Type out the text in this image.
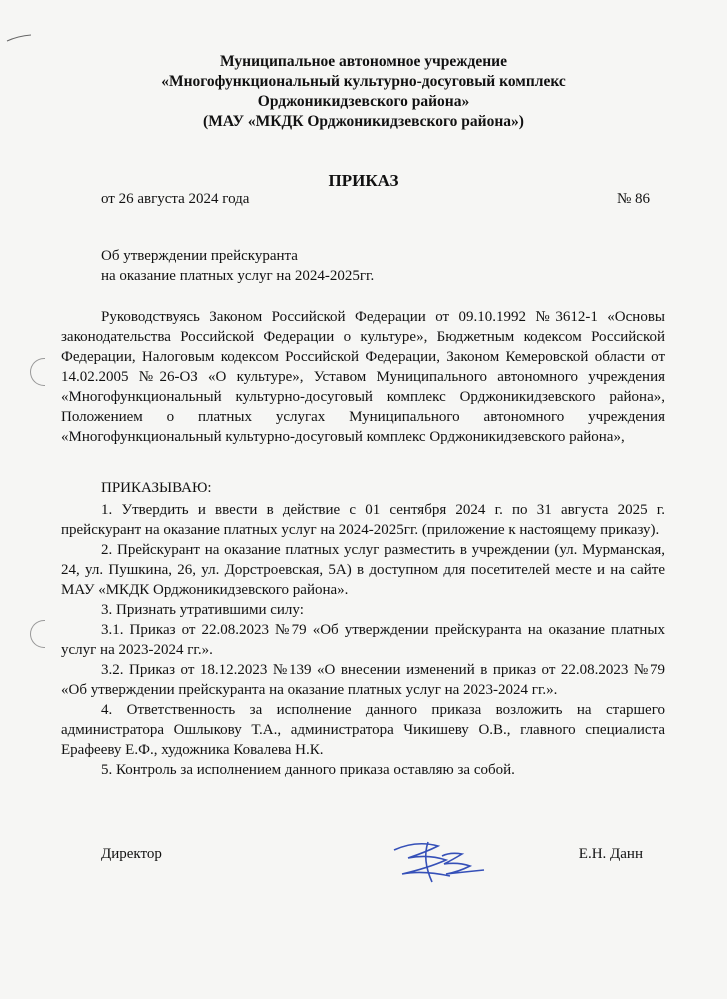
Муниципальное автономное учреждение
«Многофункциональный культурно-досуговый комплекс
Орджоникидзевского района»
(МАУ «МКДК Орджоникидзевского района»)
ПРИКАЗ
от 26 августа 2024 года	№ 86
Об утверждении прейскуранта
на оказание платных услуг на 2024-2025гг.

Руководствуясь Законом Российской Федерации от 09.10.1992 №3612-1 «Основы законодательства Российской Федерации о культуре», Бюджетным кодексом Российской Федерации, Налоговым кодексом Российской Федерации, Законом Кемеровской области от 14.02.2005 №26-ОЗ «О культуре», Уставом Муниципального автономного учреждения «Многофункциональный культурно-досуговый комплекс Орджоникидзевского района», Положением о платных услугах Муниципального автономного учреждения «Многофункциональный культурно-досуговый комплекс Орджоникидзевского района»,

ПРИКАЗЫВАЮ:

1. Утвердить и ввести в действие с 01 сентября 2024 г. по 31 августа 2025 г. прейскурант на оказание платных услуг на 2024-2025гг. (приложение к настоящему приказу).

2. Прейскурант на оказание платных услуг разместить в учреждении (ул. Мурманская, 24, ул. Пушкина, 26, ул. Дорстроевская, 5А) в доступном для посетителей месте и на сайте МАУ «МКДК Орджоникидзевского района».

3. Признать утратившими силу:

3.1. Приказ от 22.08.2023 №79 «Об утверждении прейскуранта на оказание платных услуг на 2023-2024 гг.».

3.2. Приказ от 18.12.2023 №139 «О внесении изменений в приказ от 22.08.2023 №79 «Об утверждении прейскуранта на оказание платных услуг на 2023-2024 гг.».

4. Ответственность за исполнение данного приказа возложить на старшего администратора Ошлыкову Т.А., администратора Чикишеву О.В., главного специалиста Ерафееву Е.Ф., художника Ковалева Н.К.

5. Контроль за исполнением данного приказа оставляю за собой.

Директор	Е.Н. Данн
